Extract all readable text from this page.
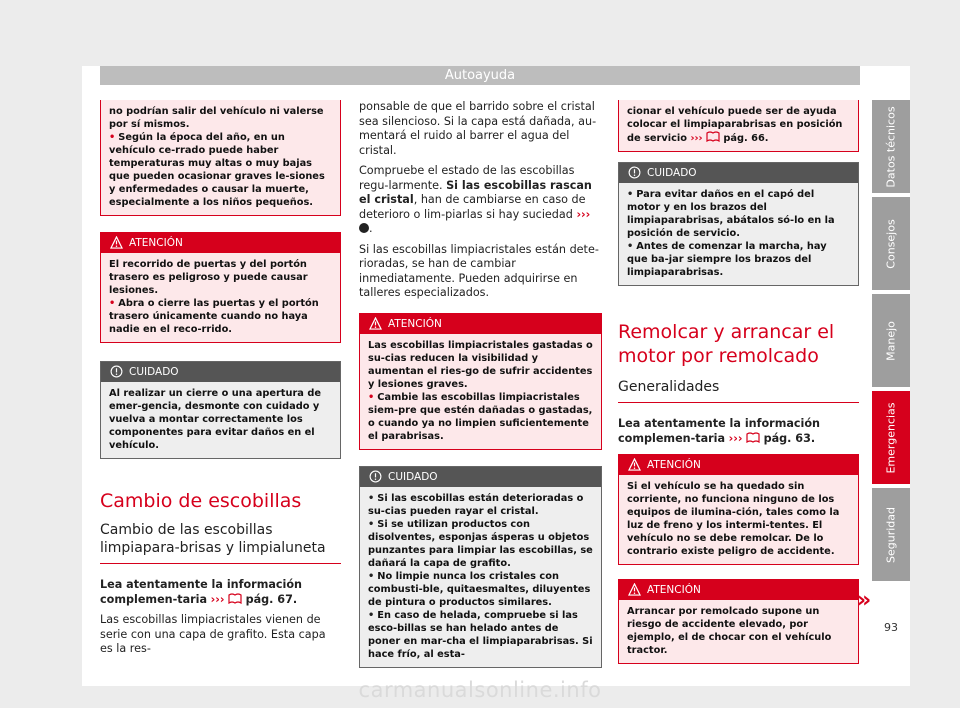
Autoayuda
no podrían salir del vehículo ni valerse por sí mismos.
• Según la época del año, en un vehículo ce-rrado puede haber temperaturas muy altas o muy bajas que pueden ocasionar graves le-siones y enfermedades o causar la muerte, especialmente a los niños pequeños.
ATENCIÓN
El recorrido de puertas y del portón trasero es peligroso y puede causar lesiones.
• Abra o cierre las puertas y el portón trasero únicamente cuando no haya nadie en el reco-rrido.
CUIDADO
Al realizar un cierre o una apertura de emer-gencia, desmonte con cuidado y vuelva a montar correctamente los componentes para evitar daños en el vehículo.
Cambio de escobillas
Cambio de las escobillas limpiapara-brisas y limpialuneta

Lea atentamente la información complemen-taria ››› pág. 67.

Las escobillas limpiacristales vienen de serie con una capa de grafito. Esta capa es la res-

ponsable de que el barrido sobre el cristal sea silencioso. Si la capa está dañada, au-mentará el ruido al barrer el agua del cristal.

Compruebe el estado de las escobillas regu-larmente. Si las escobillas rascan el cristal, han de cambiarse en caso de deterioro o lim-piarlas si hay suciedad ››› .

Si las escobillas limpiacristales están dete-rioradas, se han de cambiar inmediatamente. Pueden adquirirse en talleres especializados.

ATENCIÓN
Las escobillas limpiacristales gastadas o su-cias reducen la visibilidad y aumentan el ries-go de sufrir accidentes y lesiones graves.
• Cambie las escobillas limpiacristales siem-pre que estén dañadas o gastadas, o cuando ya no limpien suficientemente el parabrisas.
CUIDADO
• Si las escobillas están deterioradas o su-cias pueden rayar el cristal.
• Si se utilizan productos con disolventes, esponjas ásperas u objetos punzantes para limpiar las escobillas, se dañará la capa de grafito.
• No limpie nunca los cristales con combusti-ble, quitaesmaltes, diluyentes de pintura o productos similares.
• En caso de helada, compruebe si las esco-billas se han helado antes de poner en mar-cha el limpiaparabrisas. Si hace frío, al esta-
cionar el vehículo puede ser de ayuda colocar el limpiaparabrisas en posición de servicio ››› pág. 66.
CUIDADO
• Para evitar daños en el capó del motor y en los brazos del limpiaparabrisas, abátalos só-lo en la posición de servicio.
• Antes de comenzar la marcha, hay que ba-jar siempre los brazos del limpiaparabrisas.
Remolcar y arrancar el motor por remolcado
Generalidades

Lea atentamente la información complemen-taria ››› pág. 63.

ATENCIÓN
Si el vehículo se ha quedado sin corriente, no funciona ninguno de los equipos de ilumina-ción, tales como la luz de freno y los intermi-tentes. El vehículo no se debe remolcar. De lo contrario existe peligro de accidente.
ATENCIÓN
Arrancar por remolcado supone un riesgo de accidente elevado, por ejemplo, el de chocar con el vehículo tractor.
»
Datos técnicos
Consejos
Manejo
Emergencias
Seguridad
93
carmanualsonline.info
